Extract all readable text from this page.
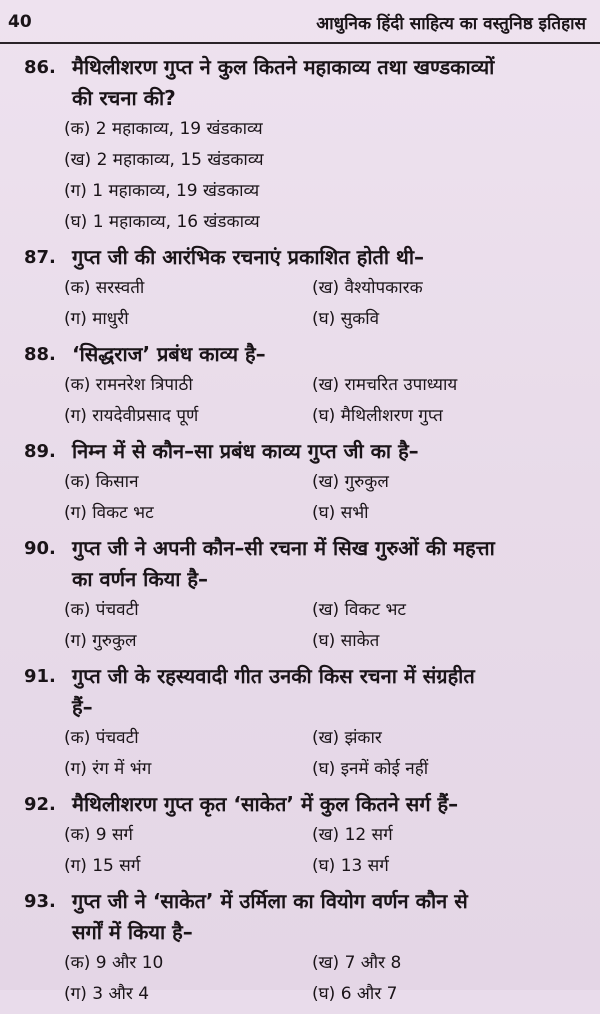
40	आधुनिक हिंदी साहित्य का वस्तुनिष्ठ इतिहास
86. मैथिलीशरण गुप्त ने कुल कितने महाकाव्य तथा खण्डकाव्यों
की रचना की?
(क) 2 महाकाव्य, 19 खंडकाव्य
(ख) 2 महाकाव्य, 15 खंडकाव्य
(ग) 1 महाकाव्य, 19 खंडकाव्य
(घ) 1 महाकाव्य, 16 खंडकाव्य
87. गुप्त जी की आरंभिक रचनाएं प्रकाशित होती थी–
(क) सरस्वती	(ख) वैश्योपकारक
(ग) माधुरी	(घ) सुकवि
88. ‘सिद्धराज’ प्रबंध काव्य है–
(क) रामनरेश त्रिपाठी	(ख) रामचरित उपाध्याय
(ग) रायदेवीप्रसाद पूर्ण	(घ) मैथिलीशरण गुप्त
89. निम्न में से कौन–सा प्रबंध काव्य गुप्त जी का है–
(क) किसान	(ख) गुरुकुल
(ग) विकट भट	(घ) सभी
90. गुप्त जी ने अपनी कौन–सी रचना में सिख गुरुओं की महत्ता
का वर्णन किया है–
(क) पंचवटी	(ख) विकट भट
(ग) गुरुकुल	(घ) साकेत
91. गुप्त जी के रहस्यवादी गीत उनकी किस रचना में संग्रहीत
हैं–
(क) पंचवटी	(ख) झंकार
(ग) रंग में भंग	(घ) इनमें कोई नहीं
92. मैथिलीशरण गुप्त कृत ‘साकेत’ में कुल कितने सर्ग हैं–
(क) 9 सर्ग	(ख) 12 सर्ग
(ग) 15 सर्ग	(घ) 13 सर्ग
93. गुप्त जी ने ‘साकेत’ में उर्मिला का वियोग वर्णन कौन से
सर्गों में किया है–
(क) 9 और 10	(ख) 7 और 8
(ग) 3 और 4	(घ) 6 और 7
